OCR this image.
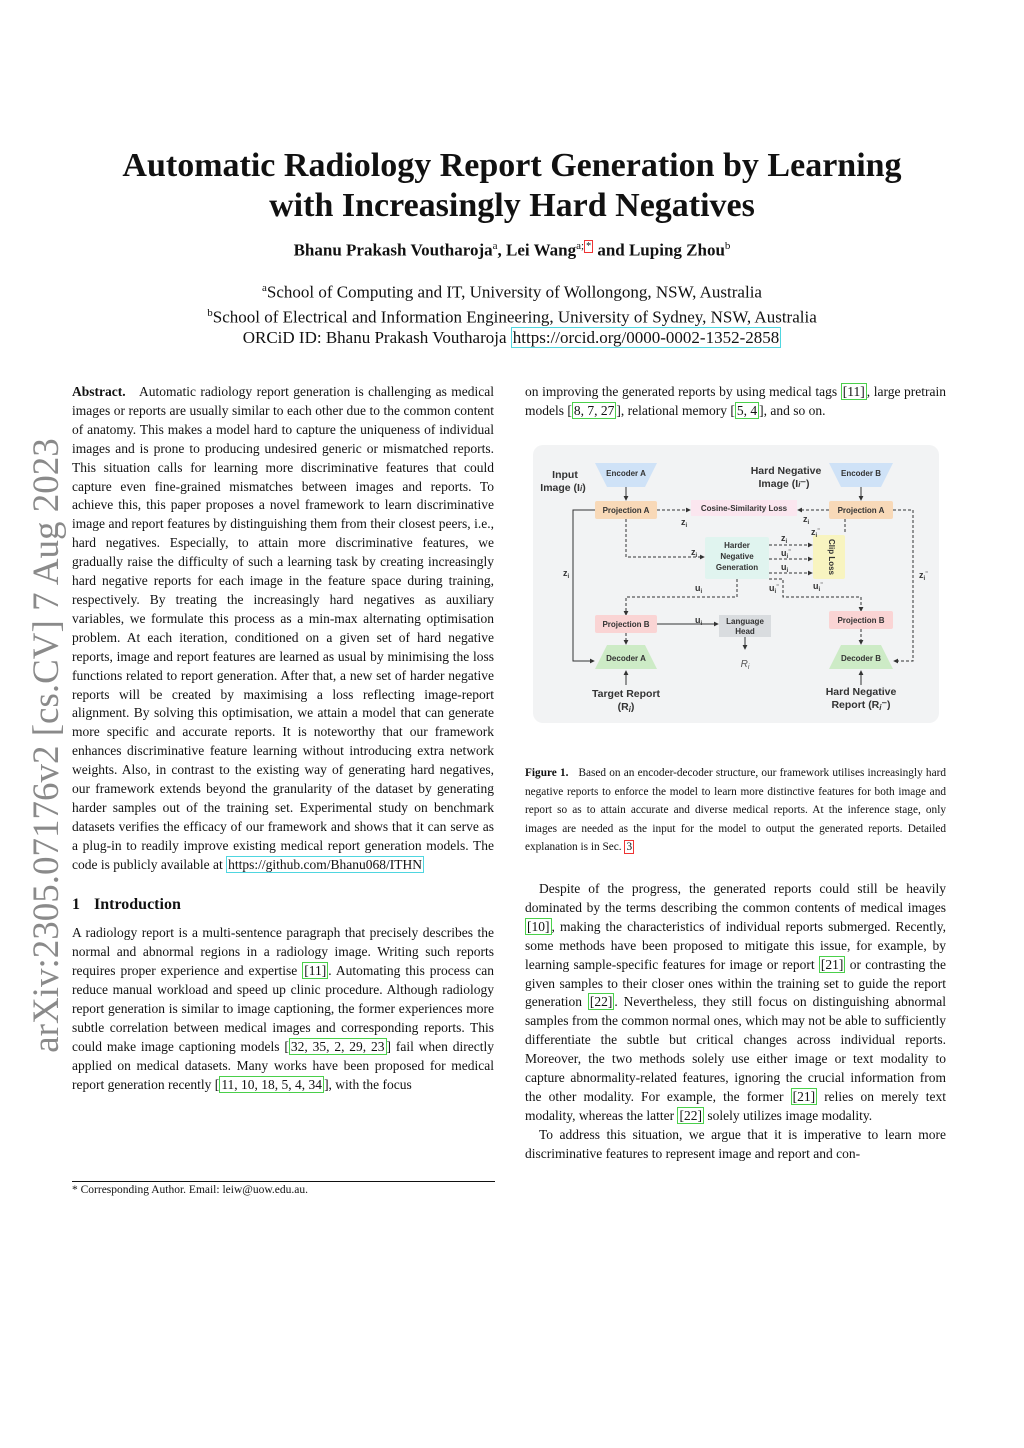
arXiv:2305.07176v2 [cs.CV] 7 Aug 2023
Automatic Radiology Report Generation by Learning
with Increasingly Hard Negatives
Bhanu Prakash Voutharoja$^a$, Lei Wang$^{a;}$ * and Luping Zhou$^b$
$^a$School of Computing and IT, University of Wollongong, NSW, Australia
$^b$School of Electrical and Information Engineering, University of Sydney, NSW, Australia
ORCiD ID: Bhanu Prakash Voutharoja https://orcid.org/0000-0002-1352-2858

Abstract. Automatic radiology report generation is challenging as medical images or reports are usually similar to each other due to the common content of anatomy. This makes a model hard to capture the uniqueness of individual images and is prone to producing undesired generic or mismatched reports. This situation calls for learning more discriminative features that could capture even fine-grained mismatches between images and reports. To achieve this, this paper proposes a novel framework to learn discriminative image and report features by distinguishing them from their closest peers, i.e., hard negatives. Especially, to attain more discriminative features, we gradually raise the difficulty of such a learning task by creating increasingly hard negative reports for each image in the feature space during training, respectively. By treating the increasingly hard negatives as auxiliary variables, we formulate this process as a min-max alternating optimisation problem. At each iteration, conditioned on a given set of hard negative reports, image and report features are learned as usual by minimising the loss functions related to report generation. After that, a new set of harder negative reports will be created by maximising a loss reflecting image-report alignment. By solving this optimisation, we attain a model that can generate more specific and accurate reports. It is noteworthy that our framework enhances discriminative feature learning without introducing extra network weights. Also, in contrast to the existing way of generating hard negatives, our framework extends beyond the granularity of the dataset by generating harder samples out of the training set. Experimental study on benchmark datasets verifies the efficacy of our framework and shows that it can serve as a plug-in to readily improve existing medical report generation models. The code is publicly available at https://github.com/Bhanu068/ITHN

1 Introduction

A radiology report is a multi-sentence paragraph that precisely describes the normal and abnormal regions in a radiology image. Writing such reports requires proper experience and expertise [11] . Automating this process can reduce manual workload and speed up clinic procedure. Although radiology report generation is similar to image captioning, the former experiences more subtle correlation between medical images and corresponding reports. This could make image captioning models [ 32, 35, 2, 29, 23 ] fail when directly applied on medical datasets. Many works have been proposed for medical report generation recently [ 11, 10, 18, 5, 4, 34 ], with the focus

* Corresponding Author. Email: leiw@uow.edu.au.

on improving the generated reports by using medical tags [11] , large pretrain models [ 8, 7, 27 ], relational memory [ 5, 4 ], and so on.

Input
Image (Ii)
Encoder A	Hard Negative
Image (Ii⁻)
Encoder B
Projection A	Cosine-Similarity Loss	Projection A
Harder
Negative
Generation	Clip Loss
$z_i$
$z_i$
$z_i$
$z_i$
$z_i^{^-}$
$z_i$
$u_i^{^-}$
$u_i$
$u_i$	$u_i^{^-}$	$u_i^{^-}$
$z_i^{^-}$
u
Projection B	Language
Head
$R_i$
Projection B
Decoder A	Decoder B
Target Report
(Ri)
Hard Negative
Report (Ri⁻)
Figure 1. Based on an encoder-decoder structure, our framework utilises increasingly hard negative reports to enforce the model to learn more distinctive features for both image and report so as to attain accurate and diverse medical reports. At the inference stage, only images are needed as the input for the model to output the generated reports. Detailed explanation is in Sec. 3

Despite of the progress, the generated reports could still be heavily dominated by the terms describing the common contents of medical images [10] , making the characteristics of individual reports submerged. Recently, some methods have been proposed to mitigate this issue, for example, by learning sample-specific features for image or report [21] or contrasting the given samples to their closer ones within the training set to guide the report generation [22] . Nevertheless, they still focus on distinguishing abnormal samples from the common normal ones, which may not be able to sufficiently differentiate the subtle but critical changes across individual reports. Moreover, the two methods solely use either image or text modality to capture abnormality-related features, ignoring the crucial information from the other modality. For example, the former [21] relies on merely text modality, whereas the latter [22] solely utilizes image modality.

To address this situation, we argue that it is imperative to learn more discriminative features to represent image and report and con-
